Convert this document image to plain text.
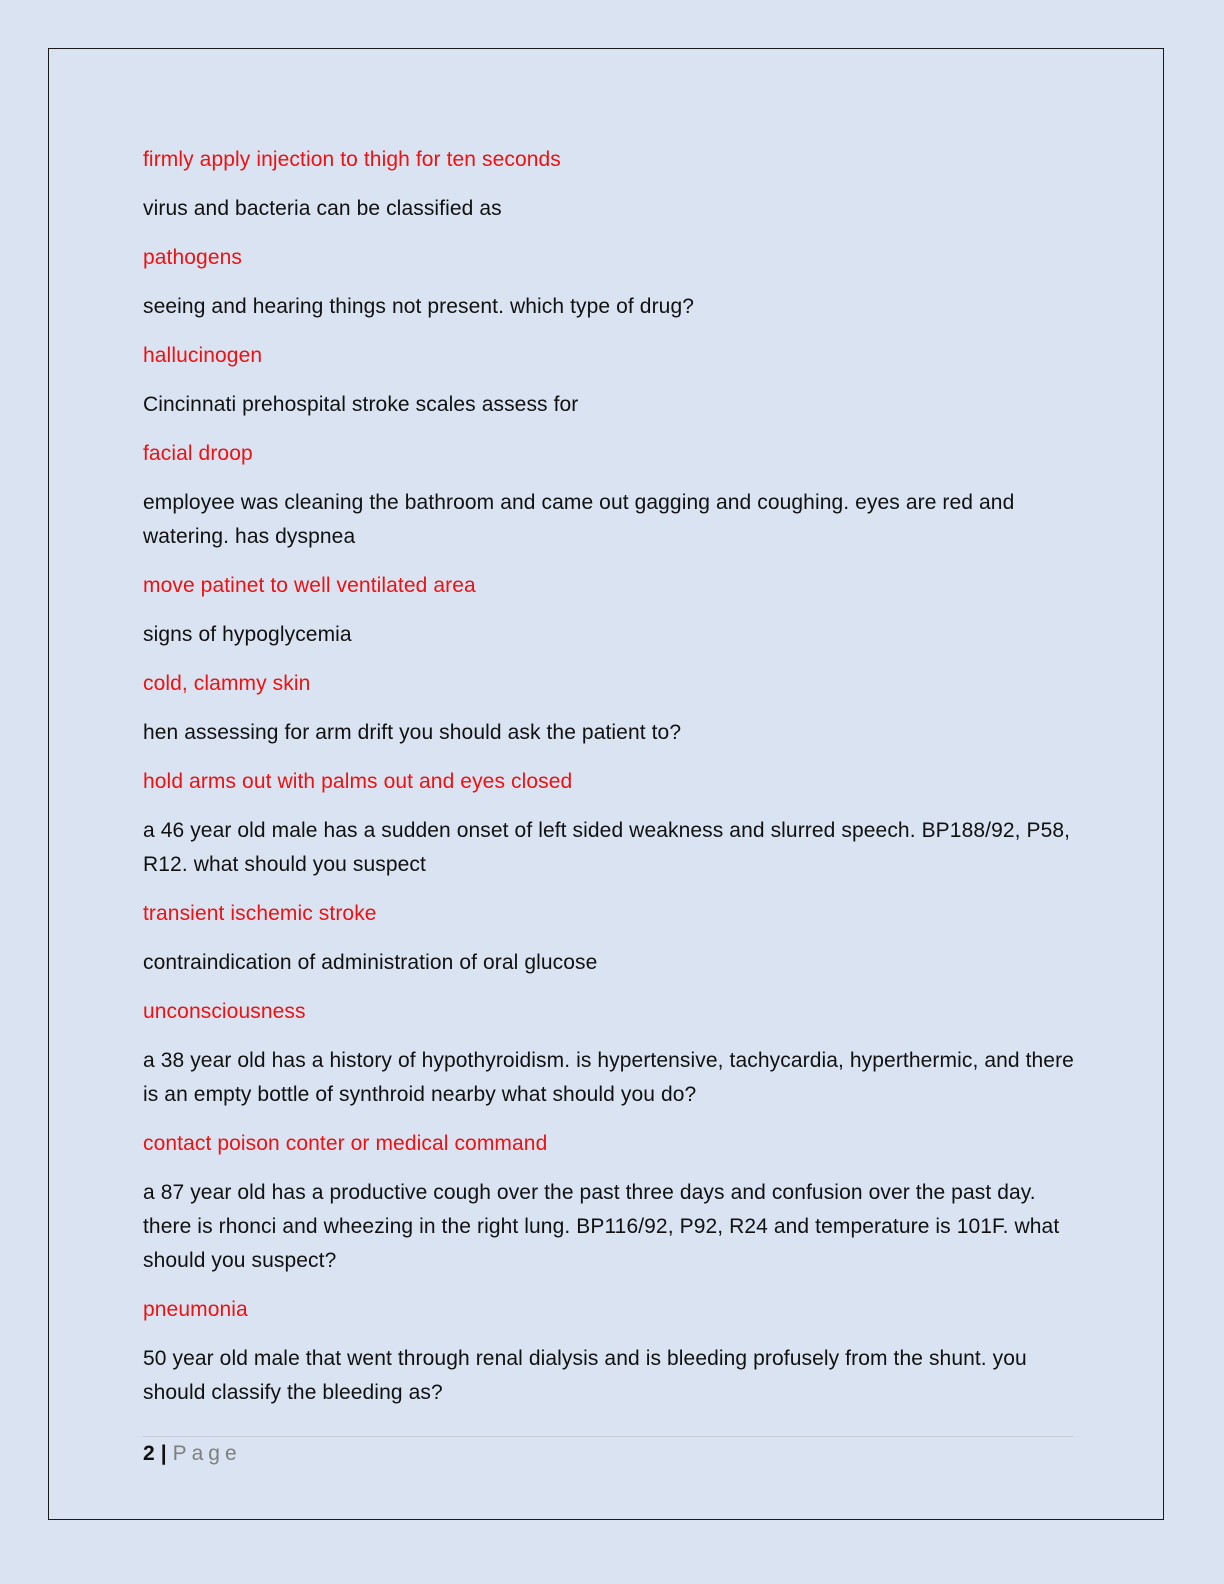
firmly apply injection to thigh for ten seconds

virus and bacteria can be classified as

pathogens

seeing and hearing things not present. which type of drug?

hallucinogen

Cincinnati prehospital stroke scales assess for

facial droop

employee was cleaning the bathroom and came out gagging and coughing. eyes are red and watering. has dyspnea

move patinet to well ventilated area

signs of hypoglycemia

cold, clammy skin

hen assessing for arm drift you should ask the patient to?

hold arms out with palms out and eyes closed

a 46 year old male has a sudden onset of left sided weakness and slurred speech. BP188/92, P58, R12. what should you suspect

transient ischemic stroke

contraindication of administration of oral glucose

unconsciousness

a 38 year old has a history of hypothyroidism. is hypertensive, tachycardia, hyperthermic, and there is an empty bottle of synthroid nearby what should you do?

contact poison conter or medical command

a 87 year old has a productive cough over the past three days and confusion over the past day. there is rhonci and wheezing in the right lung. BP116/92, P92, R24 and temperature is 101F. what should you suspect?

pneumonia

50 year old male that went through renal dialysis and is bleeding profusely from the shunt. you should classify the bleeding as?

2 | Page
